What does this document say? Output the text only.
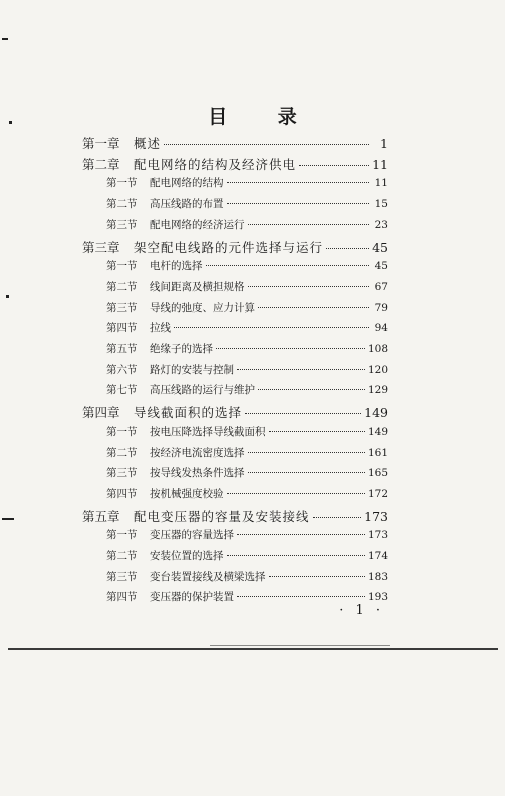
目 录
第一章	概述	1
第二章	配电网络的结构及经济供电	11
第一节	配电网络的结构	11
第二节	高压线路的布置	15
第三节	配电网络的经济运行	23
第三章	架空配电线路的元件选择与运行	45
第一节	电杆的选择	45
第二节	线间距离及横担规格	67
第三节	导线的弛度、应力计算	79
第四节	拉线	94
第五节	绝缘子的选择	108
第六节	路灯的安装与控制	120
第七节	高压线路的运行与维护	129
第四章	导线截面积的选择	149
第一节	按电压降选择导线截面积	149
第二节	按经济电流密度选择	161
第三节	按导线发热条件选择	165
第四节	按机械强度校验	172
第五章	配电变压器的容量及安装接线	173
第一节	变压器的容量选择	173
第二节	安装位置的选择	174
第三节	变台装置接线及横梁选择	183
第四节	变压器的保护装置	193
· 1 ·
